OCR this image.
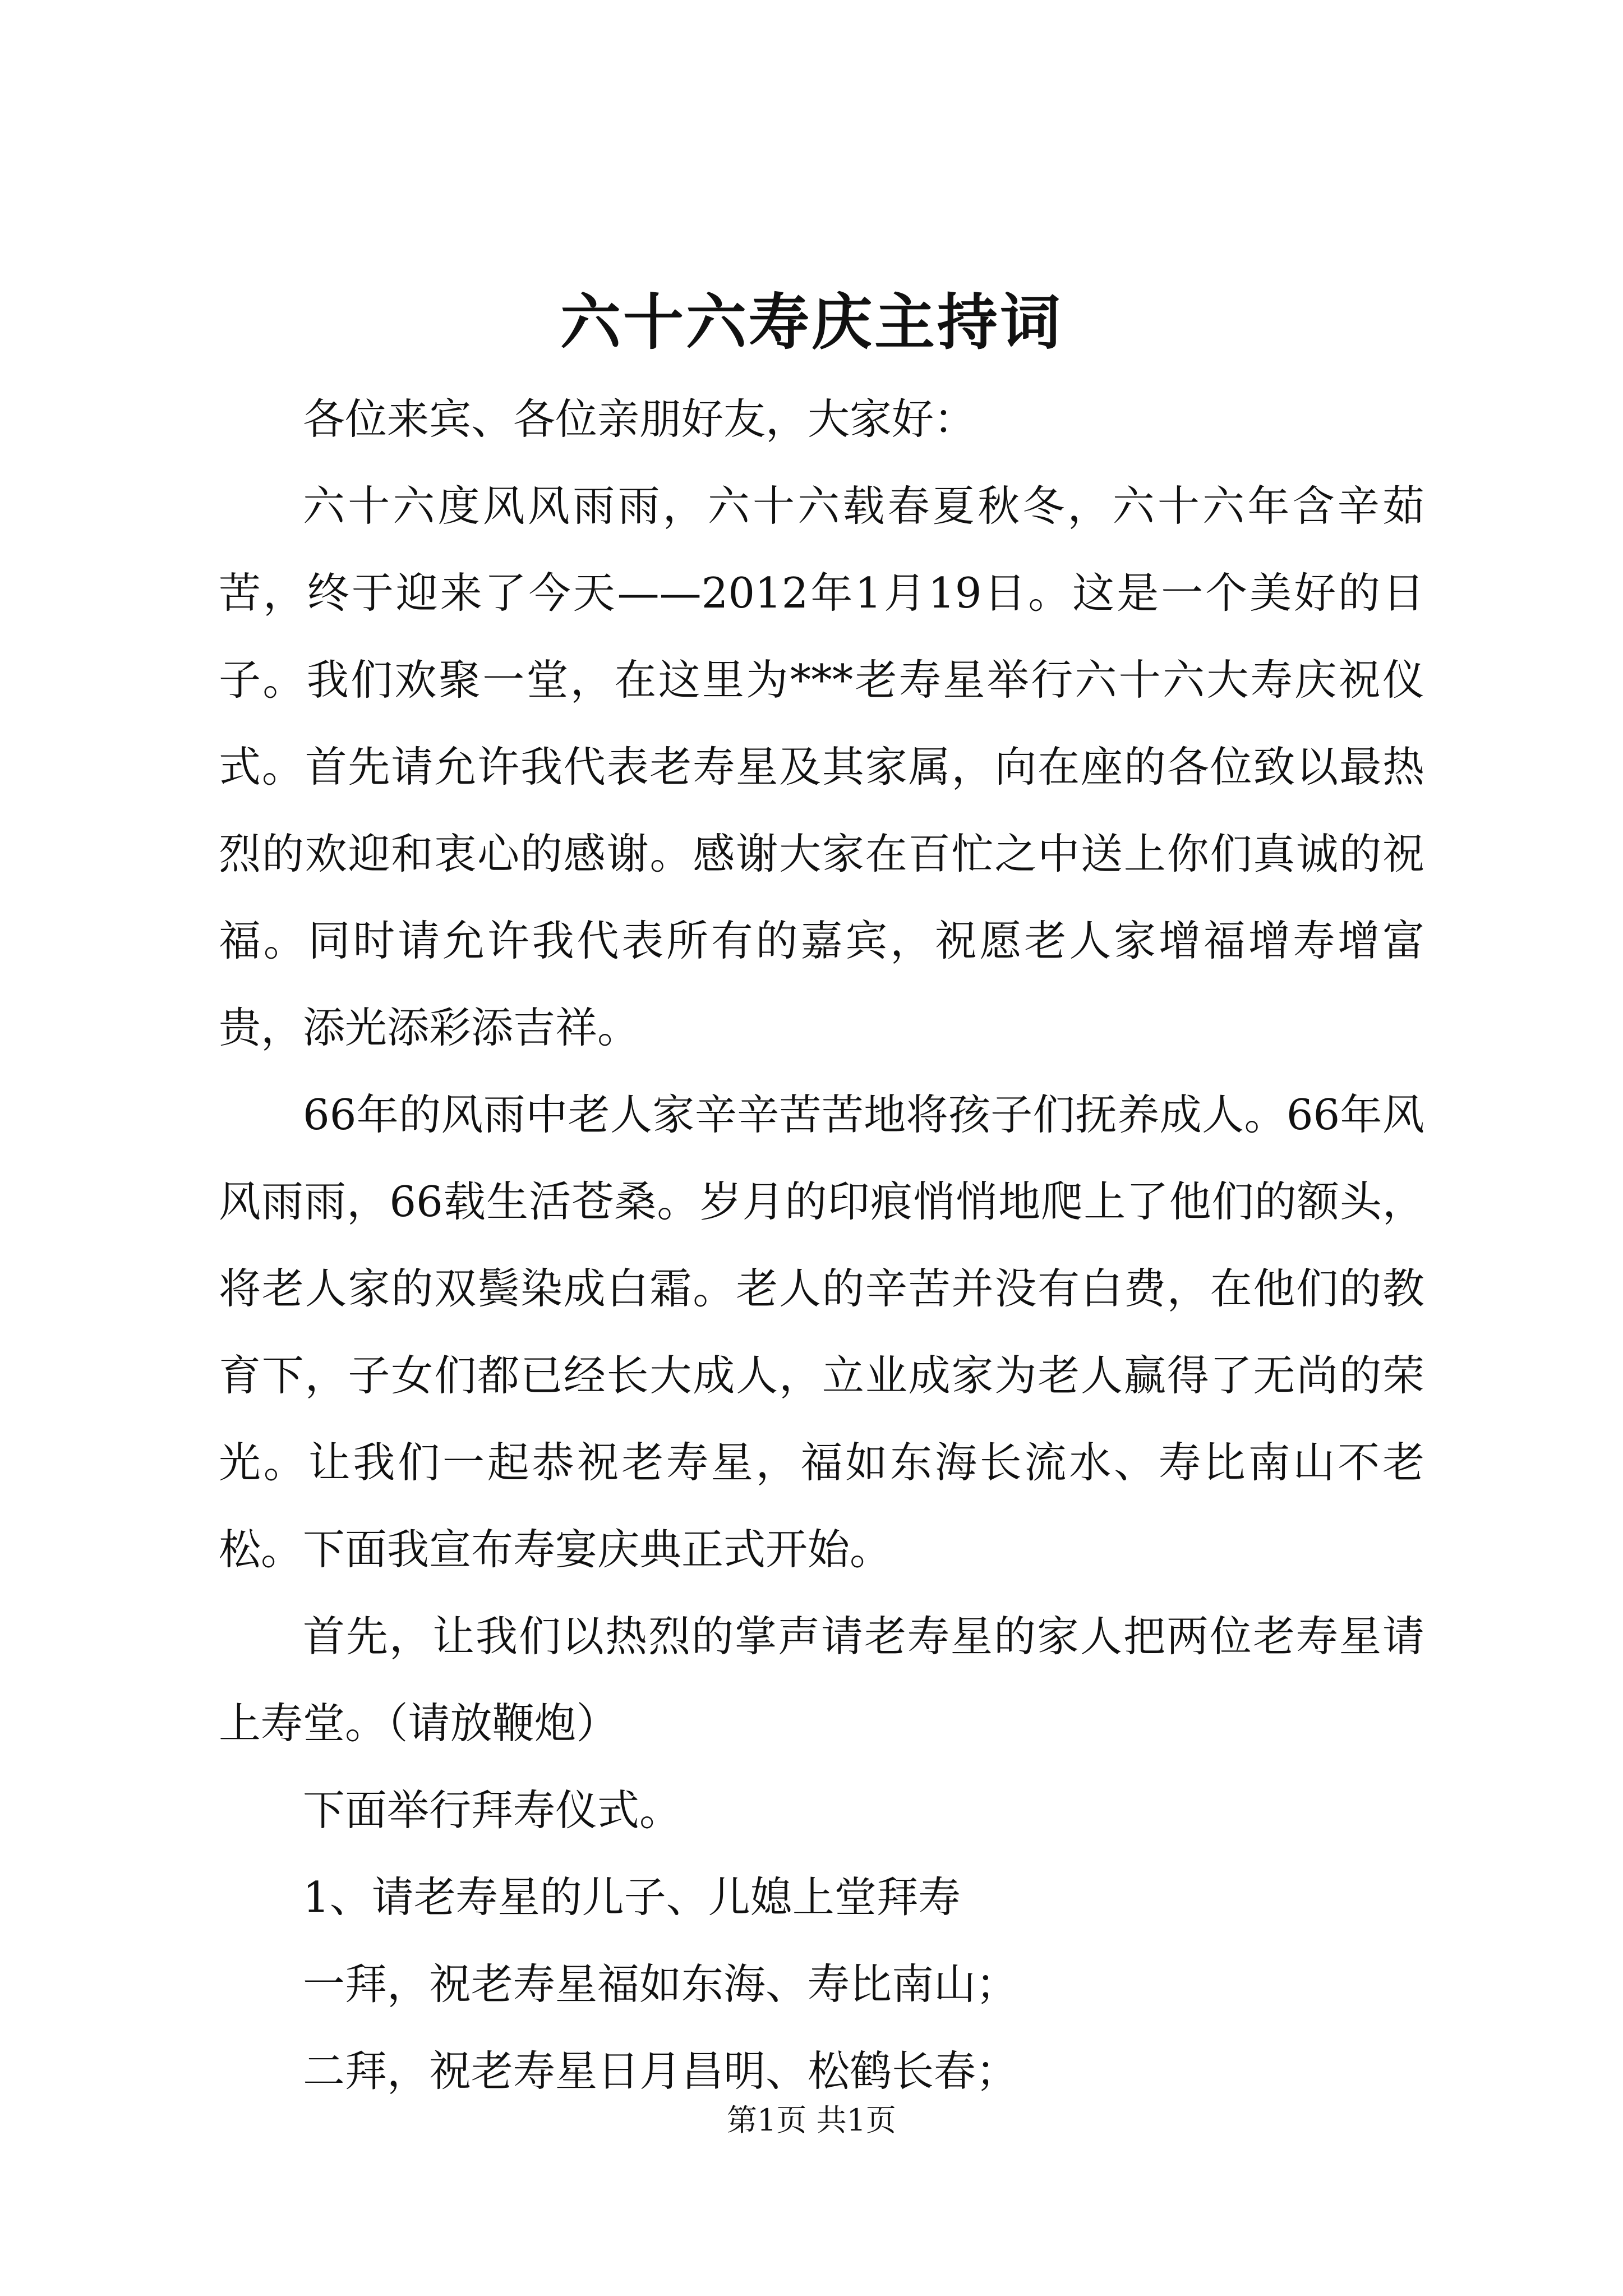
六十六寿庆主持词

各位来宾、各位亲朋好友，大家好：

六十六度风风雨雨，六十六载春夏秋冬，六十六年含辛茹苦，终于迎来了今天——2012年1月19日。这是一个美好的日子。我们欢聚一堂，在这里为***老寿星举行六十六大寿庆祝仪式。首先请允许我代表老寿星及其家属，向在座的各位致以最热烈的欢迎和衷心的感谢。感谢大家在百忙之中送上你们真诚的祝福。同时请允许我代表所有的嘉宾，祝愿老人家增福增寿增富贵，添光添彩添吉祥。

66年的风雨中老人家辛辛苦苦地将孩子们抚养成人。66年风风雨雨，66载生活苍桑。岁月的印痕悄悄地爬上了他们的额头，将老人家的双鬓染成白霜。老人的辛苦并没有白费，在他们的教育下，子女们都已经长大成人，立业成家为老人赢得了无尚的荣光。让我们一起恭祝老寿星，福如东海长流水、寿比南山不老松。下面我宣布寿宴庆典正式开始。

首先，让我们以热烈的掌声请老寿星的家人把两位老寿星请上寿堂。（请放鞭炮）

下面举行拜寿仪式。

1、请老寿星的儿子、儿媳上堂拜寿

一拜，祝老寿星福如东海、寿比南山；

二拜，祝老寿星日月昌明、松鹤长春；

第1页 共1页
